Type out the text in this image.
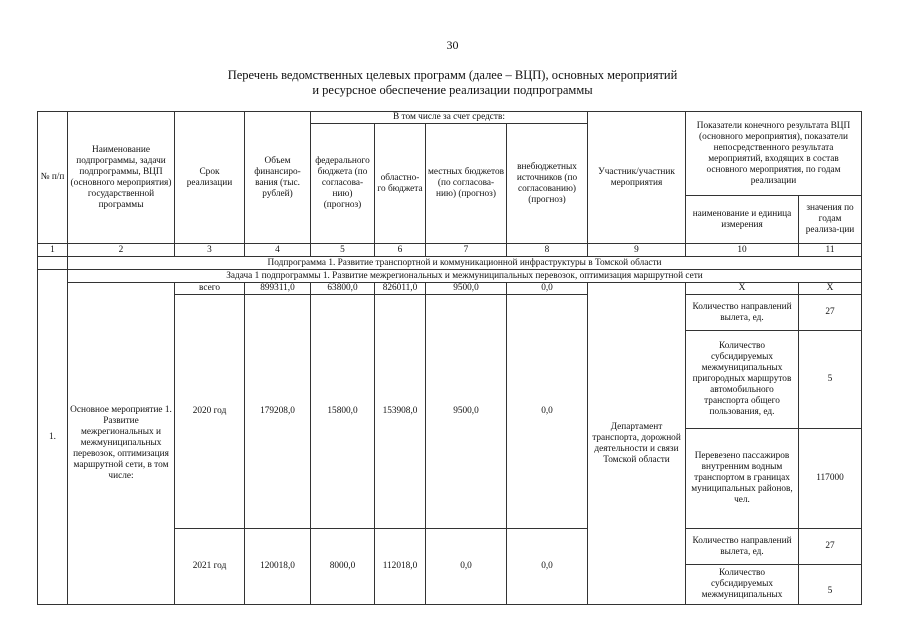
30
Перечень ведомственных целевых программ (далее – ВЦП), основных мероприятий
и ресурсное обеспечение реализации подпрограммы
№ п/п	Наименование подпрограммы, задачи подпрограммы, ВЦП (основного мероприятия) государственной программы	Срок реализации	Объем финансиро-вания (тыс. рублей)	В том числе за счет средств:				Участник/участник мероприятия	Показатели конечного результата ВЦП (основного мероприятия), показатели непосредственного результата мероприятий, входящих в состав основного мероприятия, по годам реализации	
				федерального бюджета (по согласова-нию) (прогноз)	областно-го бюджета	местных бюджетов (по согласова-нию) (прогноз)	внебюджетных источников (по согласованию) (прогноз)			
									наименование и единица измерения	значения по годам реализа-ции
1	2	3	4	5	6	7	8	9	10	11
	Подпрограмма 1. Развитие транспортной и коммуникационной инфраструктуры в Томской области									
1.	Задача 1 подпрограммы 1. Развитие межрегиональных и межмуниципальных перевозок, оптимизация маршрутной сети									
	Основное мероприятие 1. Развитие межрегиональных и межмуниципальных перевозок, оптимизация маршрутной сети, в том числе:	всего	899311,0	63800,0	826011,0	9500,0	0,0	Департамент транспорта, дорожной деятельности и связи Томской области	Х	Х
		2020 год	179208,0	15800,0	153908,0	9500,0	0,0		Количество направлений вылета, ед.	27
									Количество субсидируемых межмуниципальных пригородных маршрутов автомобильного транспорта общего пользования, ед.	5
									Перевезено пассажиров внутренним водным транспортом в границах муниципальных районов, чел.	117000
		2021 год	120018,0	8000,0	112018,0	0,0	0,0		Количество направлений вылета, ед.	27
									Количество субсидируемых межмуниципальных	5
